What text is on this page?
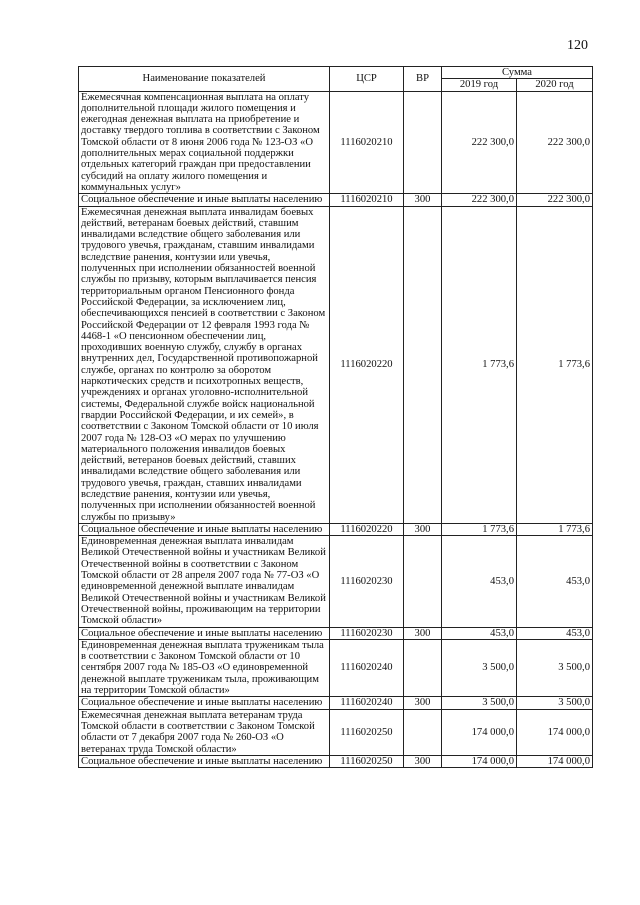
120
Наименование показателей	ЦСР	ВР	Сумма	
			2019 год	2020 год
Ежемесячная компенсационная выплата на оплату дополнительной площади жилого помещения и ежегодная денежная выплата на приобретение и доставку твердого топлива в соответствии с Законом Томской области от 8 июня 2006 года № 123-ОЗ «О дополнительных мерах социальной поддержки отдельных категорий граждан при предоставлении субсидий на оплату жилого помещения и коммунальных услуг»	1116020210		222 300,0	222 300,0
Социальное обеспечение и иные выплаты населению	1116020210	300	222 300,0	222 300,0
Ежемесячная денежная выплата инвалидам боевых действий, ветеранам боевых действий, ставшим инвалидами вследствие общего заболевания или трудового увечья, гражданам, ставшим инвалидами вследствие ранения, контузии или увечья, полученных при исполнении обязанностей военной службы по призыву, которым выплачивается пенсия территориальным органом Пенсионного фонда Российской Федерации, за исключением лиц, обеспечивающихся пенсией в соответствии с Законом Российской Федерации от 12 февраля 1993 года № 4468-1 «О пенсионном обеспечении лиц, проходивших военную службу, службу в органах внутренних дел, Государственной противопожарной службе, органах по контролю за оборотом наркотических средств и психотропных веществ, учреждениях и органах уголовно-исполнительной системы, Федеральной службе войск национальной гвардии Российской Федерации, и их семей», в соответствии с Законом Томской области от 10 июля 2007 года № 128-ОЗ «О мерах по улучшению материального положения инвалидов боевых действий, ветеранов боевых действий, ставших инвалидами вследствие общего заболевания или трудового увечья, граждан, ставших инвалидами вследствие ранения, контузии или увечья, полученных при исполнении обязанностей военной службы по призыву»	1116020220		1 773,6	1 773,6
Социальное обеспечение и иные выплаты населению	1116020220	300	1 773,6	1 773,6
Единовременная денежная выплата инвалидам Великой Отечественной войны и участникам Великой Отечественной войны в соответствии с Законом Томской области от 28 апреля 2007 года № 77-ОЗ «О единовременной денежной выплате инвалидам Великой Отечественной войны и участникам Великой Отечественной войны, проживающим на территории Томской области»	1116020230		453,0	453,0
Социальное обеспечение и иные выплаты населению	1116020230	300	453,0	453,0
Единовременная денежная выплата труженикам тыла в соответствии с Законом Томской области от 10 сентября 2007 года № 185-ОЗ «О единовременной денежной выплате труженикам тыла, проживающим на территории Томской области»	1116020240		3 500,0	3 500,0
Социальное обеспечение и иные выплаты населению	1116020240	300	3 500,0	3 500,0
Ежемесячная денежная выплата ветеранам труда Томской области в соответствии с Законом Томской области от 7 декабря 2007 года № 260-ОЗ «О ветеранах труда Томской области»	1116020250		174 000,0	174 000,0
Социальное обеспечение и иные выплаты населению	1116020250	300	174 000,0	174 000,0
